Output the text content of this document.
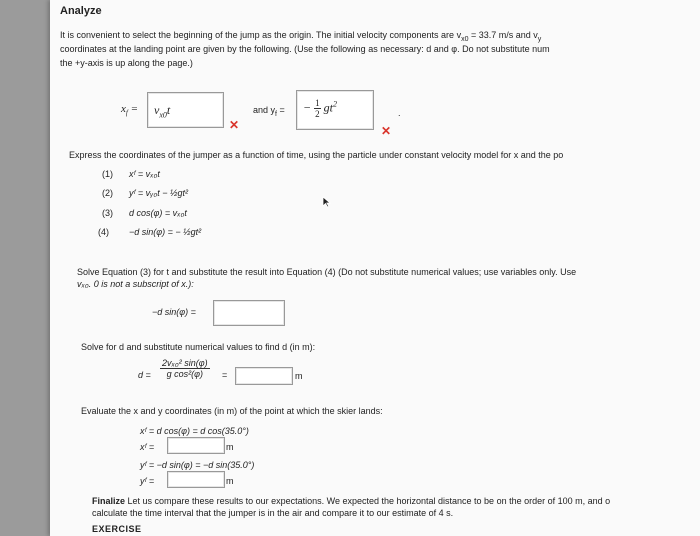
Analyze
It is convenient to select the beginning of the jump as the origin. The initial velocity components are $v_{x0} = 33.7$ m/s and $v_y$
coordinates at the landing point are given by the following. (Use the following as necessary: d and φ. Do not substitute num
the +y-axis is up along the page.)
$x_f = v_{x0}t$
✕
and $y_f$ = − $\frac{1}{2} gt^2$
.
✕
Express the coordinates of the jumper as a function of time, using the particle under constant velocity model for x and the po
(1) xᶠ = vₓ₀t
(2) yᶠ = vᵧ₀t − ½gt²
(3) d cos(φ) = vₓ₀t
(4) −d sin(φ) = − ½gt²
Solve Equation (3) for t and substitute the result into Equation (4) (Do not substitute numerical values; use variables only. Use
vₓ₀. 0 is not a subscript of x.):
−d sin(φ) =
Solve for d and substitute numerical values to find d (in m):
d =
2vₓ₀² sin(φ)
g cos²(φ)	=	m
Evaluate the x and y coordinates (in m) of the point at which the skier lands:
xᶠ = d cos(φ) = d cos(35.0°)
xᶠ =	m
yᶠ = −d sin(φ) = −d sin(35.0°)
yᶠ =	m
Finalize Let us compare these results to our expectations. We expected the horizontal distance to be on the order of 100 m, and o
calculate the time interval that the jumper is in the air and compare it to our estimate of 4 s.
EXERCISE
